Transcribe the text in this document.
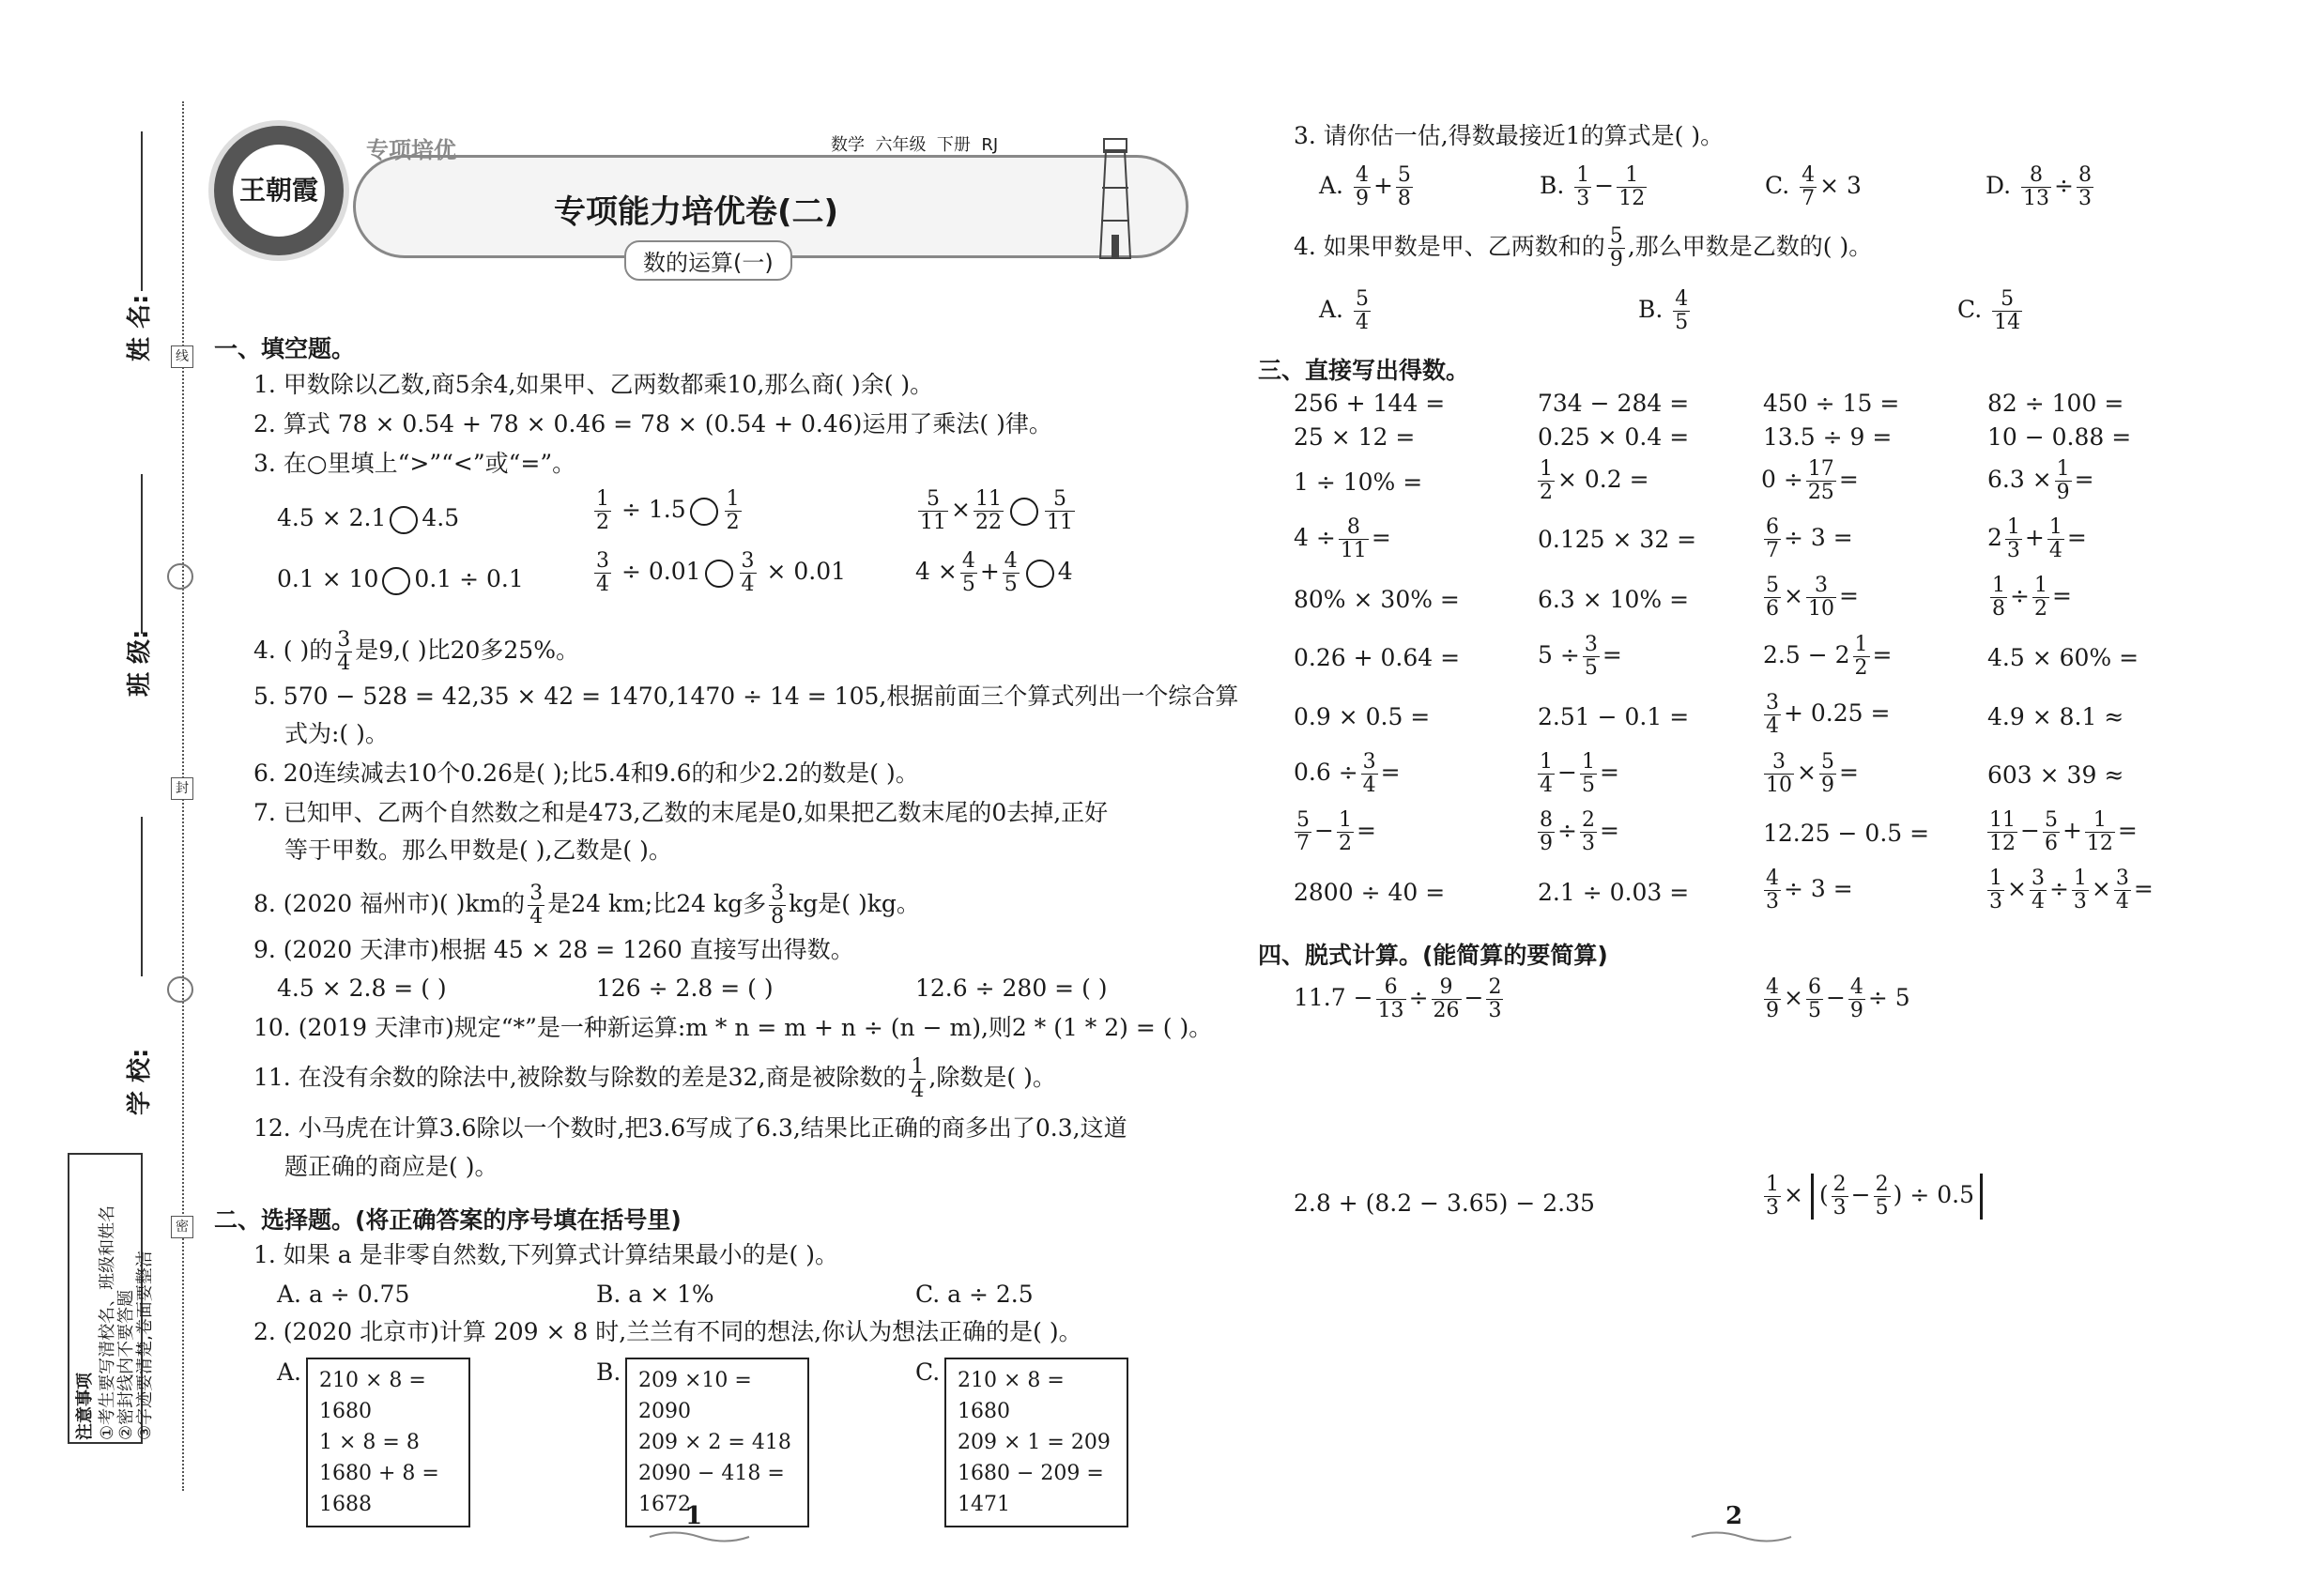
姓 名:
班 级:
学 校:
线
封
密
注意事项 ①考生要写清校名、班级和姓名 ②密封线内不要答题 ③字迹要清楚,卷面要整洁
专项培优	数学  六年级  下册  RJ
王朝霞
专项能力培优卷(二)
数的运算(一)
一、填空题。
1. 甲数除以乙数,商5余4,如果甲、乙两数都乘10,那么商( )余( )。
2. 算式 78 × 0.54 + 78 × 0.46 = 78 × (0.54 + 0.46)运用了乘法( )律。
3. 在○里填上“>”“<”或“=”。
4.5 × 2.1 4.5	$\frac{1}{2} \div 1.5 \frac{1}{2}$	$\frac{5}{11} \times \frac{11}{22} \frac{5}{11}$
0.1 × 10 0.1 ÷ 0.1	$\frac{3}{4} \div 0.01 \frac{3}{4} \times 0.01$	$4 \times \frac{4}{5} + \frac{4}{5} 4$
4. ( )的 $\frac{3}{4}$ 是9,( )比20多25%。
5. 570 − 528 = 42,35 × 42 = 1470,1470 ÷ 14 = 105,根据前面三个算式列出一个综合算
式为:( )。
6. 20连续减去10个0.26是( );比5.4和9.6的和少2.2的数是( )。
7. 已知甲、乙两个自然数之和是473,乙数的末尾是0,如果把乙数末尾的0去掉,正好
等于甲数。那么甲数是( ),乙数是( )。
8. (2020 福州市)( )km的 $\frac{3}{4}$ 是24 km;比24 kg多 $\frac{3}{8}$ kg是( )kg。
9. (2020 天津市)根据 45 × 28 = 1260 直接写出得数。
4.5 × 2.8 = ( )	126 ÷ 2.8 = ( )	12.6 ÷ 280 = ( )
10. (2019 天津市)规定“*”是一种新运算:m * n = m + n ÷ (n − m),则2 * (1 * 2) = ( )。
11. 在没有余数的除法中,被除数与除数的差是32,商是被除数的 $\frac{1}{4}$ ,除数是( )。
12. 小马虎在计算3.6除以一个数时,把3.6写成了6.3,结果比正确的商多出了0.3,这道
题正确的商应是( )。
二、选择题。(将正确答案的序号填在括号里)
1. 如果 a 是非零自然数,下列算式计算结果最小的是( )。
A. a ÷ 0.75	B. a × 1%	C. a ÷ 2.5
2. (2020 北京市)计算 209 × 8 时,兰兰有不同的想法,你认为想法正确的是( )。
A. 210 × 8 = 1680
1 × 8 = 8
1680 + 8 = 1688
B. 209 ×10 = 2090
209 × 2 = 418
2090 − 418 = 1672
C. 210 × 8 = 1680
209 × 1 = 209
1680 − 209 = 1471
1
3. 请你估一估,得数最接近1的算式是( )。
A. $\frac{4}{9} + \frac{5}{8}$	B. $\frac{1}{3} - \frac{1}{12}$	C. $\frac{4}{7} \times 3$	D. $\frac{8}{13} \div \frac{8}{3}$
4. 如果甲数是甲、乙两数和的 $\frac{5}{9}$ ,那么甲数是乙数的( )。
A. $\frac{5}{4}$	B. $\frac{4}{5}$	C. $\frac{5}{14}$
三、直接写出得数。
256 + 144 =	734 − 284 =	450 ÷ 15 =	82 ÷ 100 =
25 × 12 =	0.25 × 0.4 =	13.5 ÷ 9 =	10 − 0.88 =
1 ÷ 10% =	$\frac{1}{2} \times 0.2$ =	$0 \div \frac{17}{25}$ =	$6.3 \times \frac{1}{9}$ =
$4 \div \frac{8}{11}$ =	0.125 × 32 =	$\frac{6}{7} \div 3$ =	$2 \frac{1}{3} + \frac{1}{4}$ =
80% × 30% =	6.3 × 10% =	$\frac{5}{6} \times \frac{3}{10}$ =	$\frac{1}{8} \div \frac{1}{2}$ =
0.26 + 0.64 =	$5 \div \frac{3}{5}$ =	$2.5 - 2 \frac{1}{2}$ =	4.5 × 60% =
0.9 × 0.5 =	2.51 − 0.1 =	$\frac{3}{4} + 0.25$ =	4.9 × 8.1 ≈
$0.6 \div \frac{3}{4}$ =	$\frac{1}{4} - \frac{1}{5}$ =	$\frac{3}{10} \times \frac{5}{9}$ =	603 × 39 ≈
$\frac{5}{7} - \frac{1}{2}$ =	$\frac{8}{9} \div \frac{2}{3}$ =	12.25 − 0.5 =	$\frac{11}{12} - \frac{5}{6} + \frac{1}{12}$ =
2800 ÷ 40 =	2.1 ÷ 0.03 =	$\frac{4}{3} \div 3$ =	$\frac{1}{3} \times \frac{3}{4} \div \frac{1}{3} \times \frac{3}{4}$ =
四、脱式计算。(能简算的要简算)
$11.7 - \frac{6}{13} \div \frac{9}{26} - \frac{2}{3}$	$\frac{4}{9} \times \frac{6}{5} - \frac{4}{9} \div 5$
2.8 + (8.2 − 3.65) − 2.35	$\frac{1}{3}$ × ( $\frac{2}{3} - \frac{2}{5}$ ) ÷ 0.5
2
